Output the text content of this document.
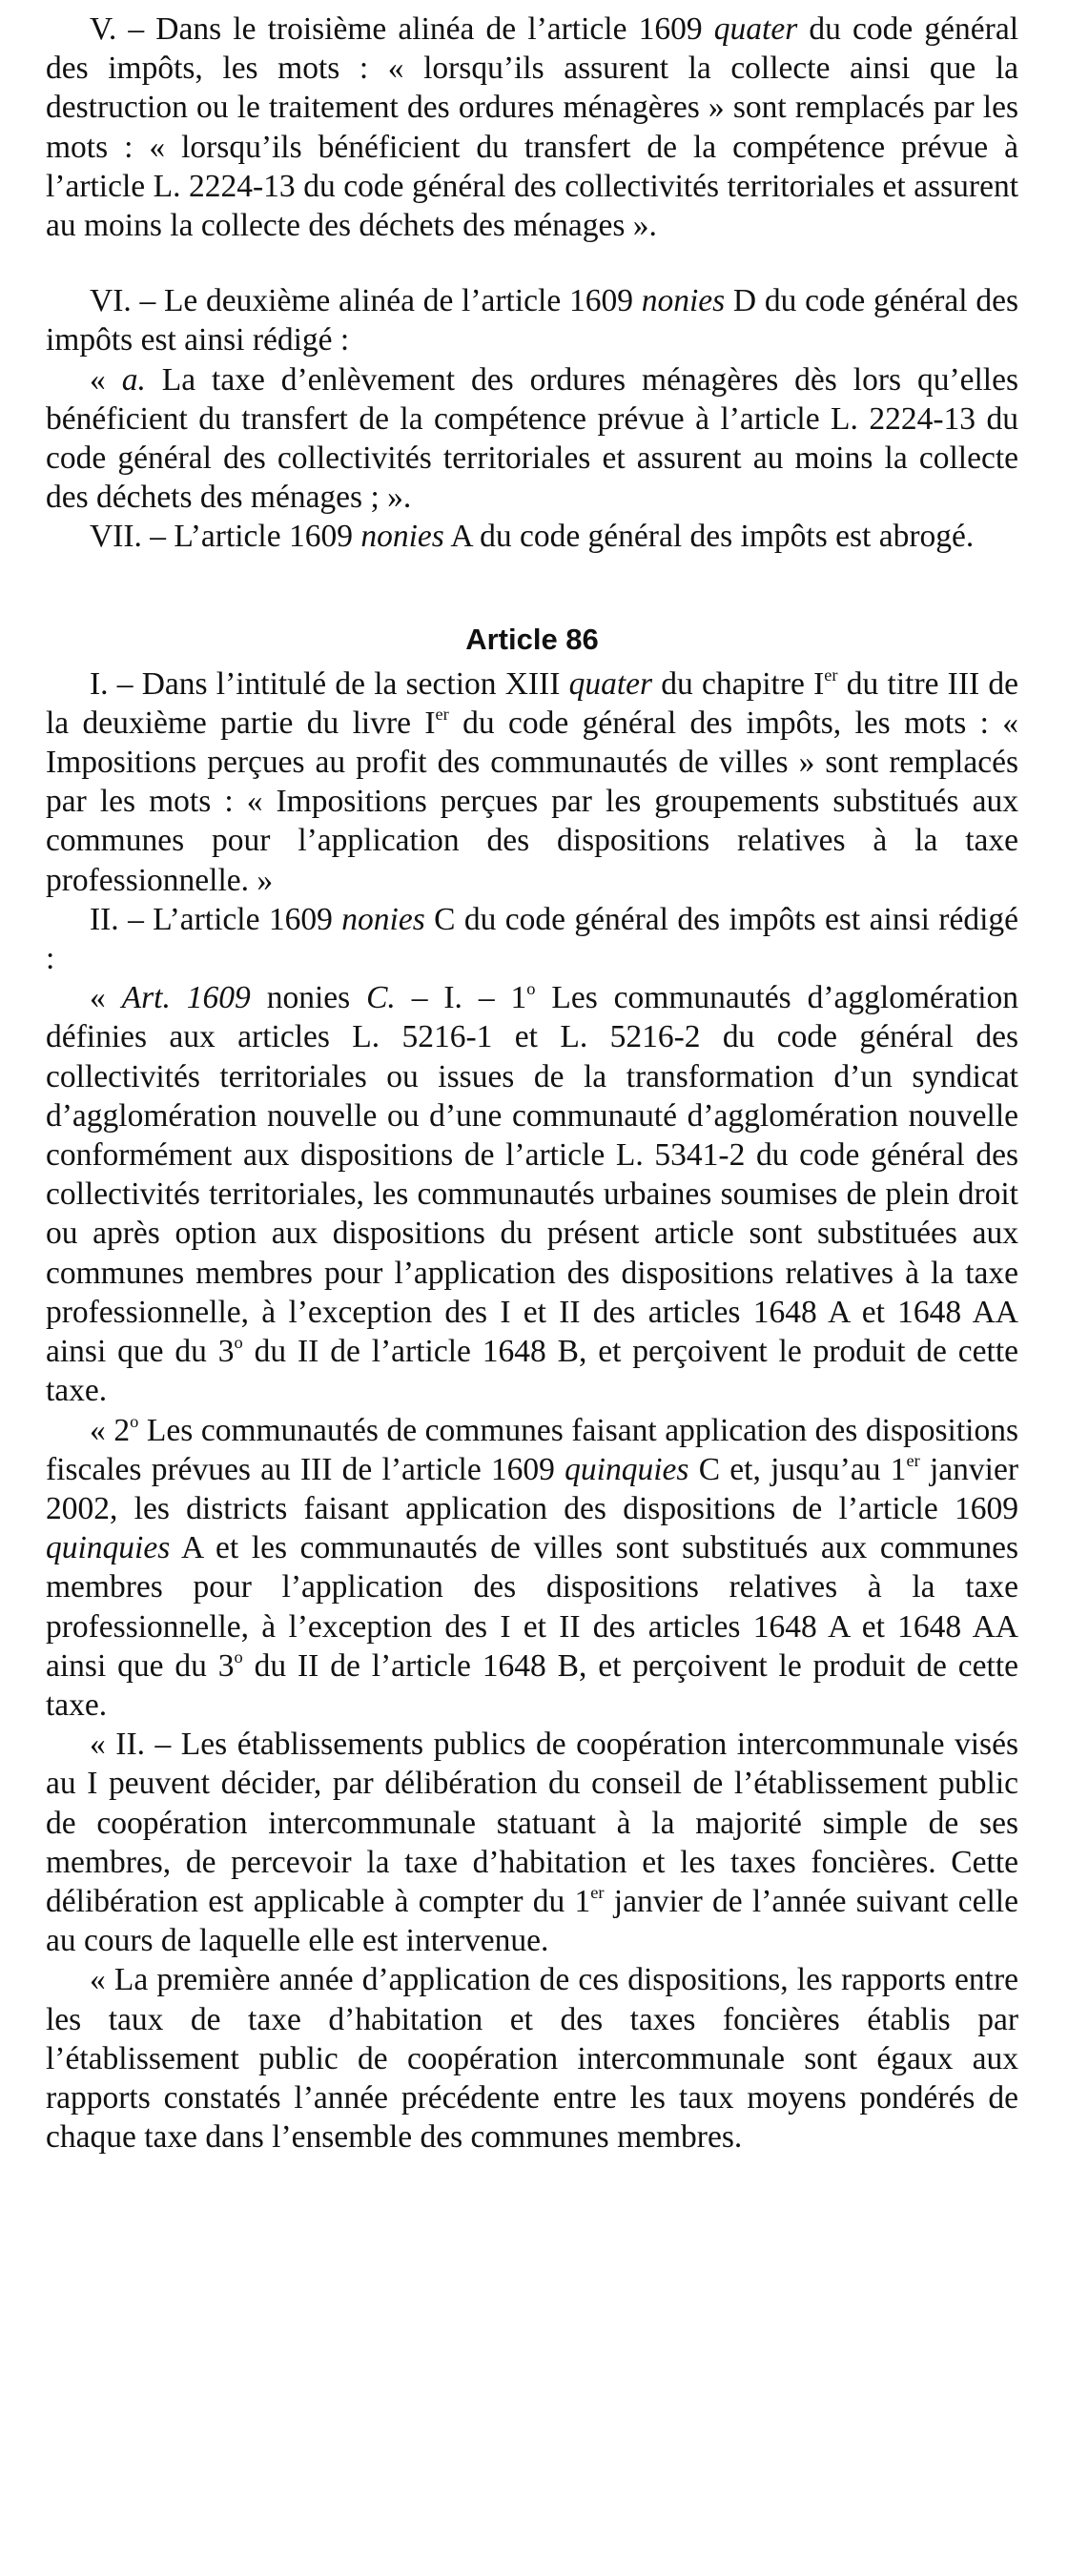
V. – Dans le troisième alinéa de l’article 1609 quater du code général des impôts, les mots : « lorsqu’ils assurent la collecte ainsi que la destruction ou le traitement des ordures ménagères » sont remplacés par les mots : « lorsqu’ils bénéficient du transfert de la compétence prévue à l’article L. 2224-13 du code général des collectivités territoriales et assurent au moins la collecte des déchets des ménages ».

VI. – Le deuxième alinéa de l’article 1609 nonies D du code général des impôts est ainsi rédigé :

« a. La taxe d’enlèvement des ordures ménagères dès lors qu’elles bénéficient du transfert de la compétence prévue à l’article L. 2224-13 du code général des collectivités territoriales et assurent au moins la collecte des déchets des ménages ; ».

VII. – L’article 1609 nonies A du code général des impôts est abrogé.

Article 86

I. – Dans l’intitulé de la section XIII quater du chapitre Ier du titre III de la deuxième partie du livre Ier du code général des impôts, les mots : « Impositions perçues au profit des communautés de villes » sont remplacés par les mots : « Impositions perçues par les groupements substitués aux communes pour l’application des dispositions relatives à la taxe professionnelle. »

II. – L’article 1609 nonies C du code général des impôts est ainsi rédigé :

« Art. 1609 nonies C. – I. – 1$^o$ Les communautés d’agglomération définies aux articles L. 5216-1 et L. 5216-2 du code général des collectivités territoriales ou issues de la transformation d’un syndicat d’agglomération nouvelle ou d’une communauté d’agglomération nouvelle conformément aux dispositions de l’article L. 5341-2 du code général des collectivités territoriales, les communautés urbaines soumises de plein droit ou après option aux dispositions du présent article sont substituées aux communes membres pour l’application des dispositions relatives à la taxe professionnelle, à l’exception des I et II des articles 1648 A et 1648 AA ainsi que du 3$^o$ du II de l’article 1648 B, et perçoivent le produit de cette taxe.

« 2$^o$ Les communautés de communes faisant application des dispositions fiscales prévues au III de l’article 1609 quinquies C et, jusqu’au 1er janvier 2002, les districts faisant application des dispositions de l’article 1609 quinquies A et les communautés de villes sont substitués aux communes membres pour l’application des dispositions relatives à la taxe professionnelle, à l’exception des I et II des articles 1648 A et 1648 AA ainsi que du 3$^o$ du II de l’article 1648 B, et perçoivent le produit de cette taxe.

« II. – Les établissements publics de coopération intercommunale visés au I peuvent décider, par délibération du conseil de l’établissement public de coopération intercommunale statuant à la majorité simple de ses membres, de percevoir la taxe d’habitation et les taxes foncières. Cette délibération est applicable à compter du 1er janvier de l’année suivant celle au cours de laquelle elle est intervenue.

« La première année d’application de ces dispositions, les rapports entre les taux de taxe d’habitation et des taxes foncières établis par l’établissement public de coopération intercommunale sont égaux aux rapports constatés l’année précédente entre les taux moyens pondérés de chaque taxe dans l’ensemble des communes membres.
